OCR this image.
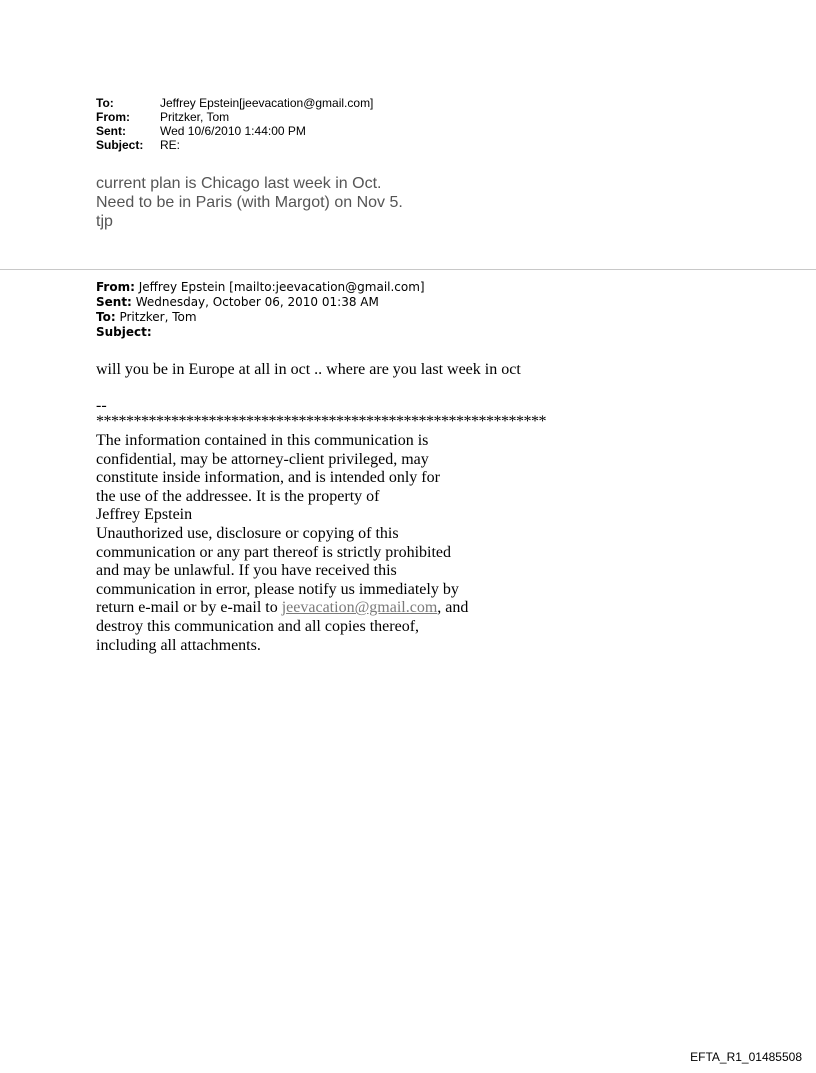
To:	Jeffrey Epstein[jeevacation@gmail.com]
From:	Pritzker, Tom
Sent:	Wed 10/6/2010 1:44:00 PM
Subject:	RE:
current plan is Chicago last week in Oct.
Need to be in Paris (with Margot) on Nov 5.
tjp
From: Jeffrey Epstein [mailto:jeevacation@gmail.com]
Sent: Wednesday, October 06, 2010 01:38 AM
To: Pritzker, Tom
Subject:
will you be in Europe at all in oct .. where are you last week in oct
--
************************************************************
The information contained in this communication is
confidential, may be attorney-client privileged, may
constitute inside information, and is intended only for
the use of the addressee. It is the property of
Jeffrey Epstein
Unauthorized use, disclosure or copying of this
communication or any part thereof is strictly prohibited
and may be unlawful. If you have received this
communication in error, please notify us immediately by
return e-mail or by e-mail to jeevacation@gmail.com, and
destroy this communication and all copies thereof,
including all attachments.
EFTA_R1_01485508
